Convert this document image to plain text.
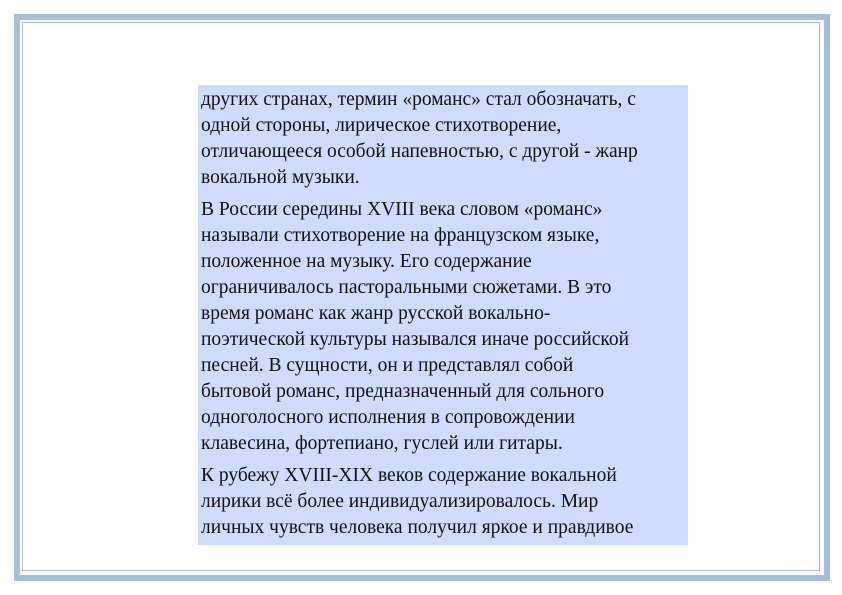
других странах, термин «романс» стал обозначать, с
одной стороны, лирическое стихотворение,
отличающееся особой напевностью, с другой - жанр
вокальной музыки.

В России середины XVIII века словом «романс»
называли стихотворение на французском языке,
положенное на музыку. Его содержание
ограничивалось пасторальными сюжетами. В это
время романс как жанр русской вокально-
поэтической культуры назывался иначе российской
песней. В сущности, он и представлял собой
бытовой романс, предназначенный для сольного
одноголосного исполнения в сопровождении
клавесина, фортепиано, гуслей или гитары.

К рубежу XVIII-XIX веков содержание вокальной
лирики всё более индивидуализировалось. Мир
личных чувств человека получил яркое и правдивое
